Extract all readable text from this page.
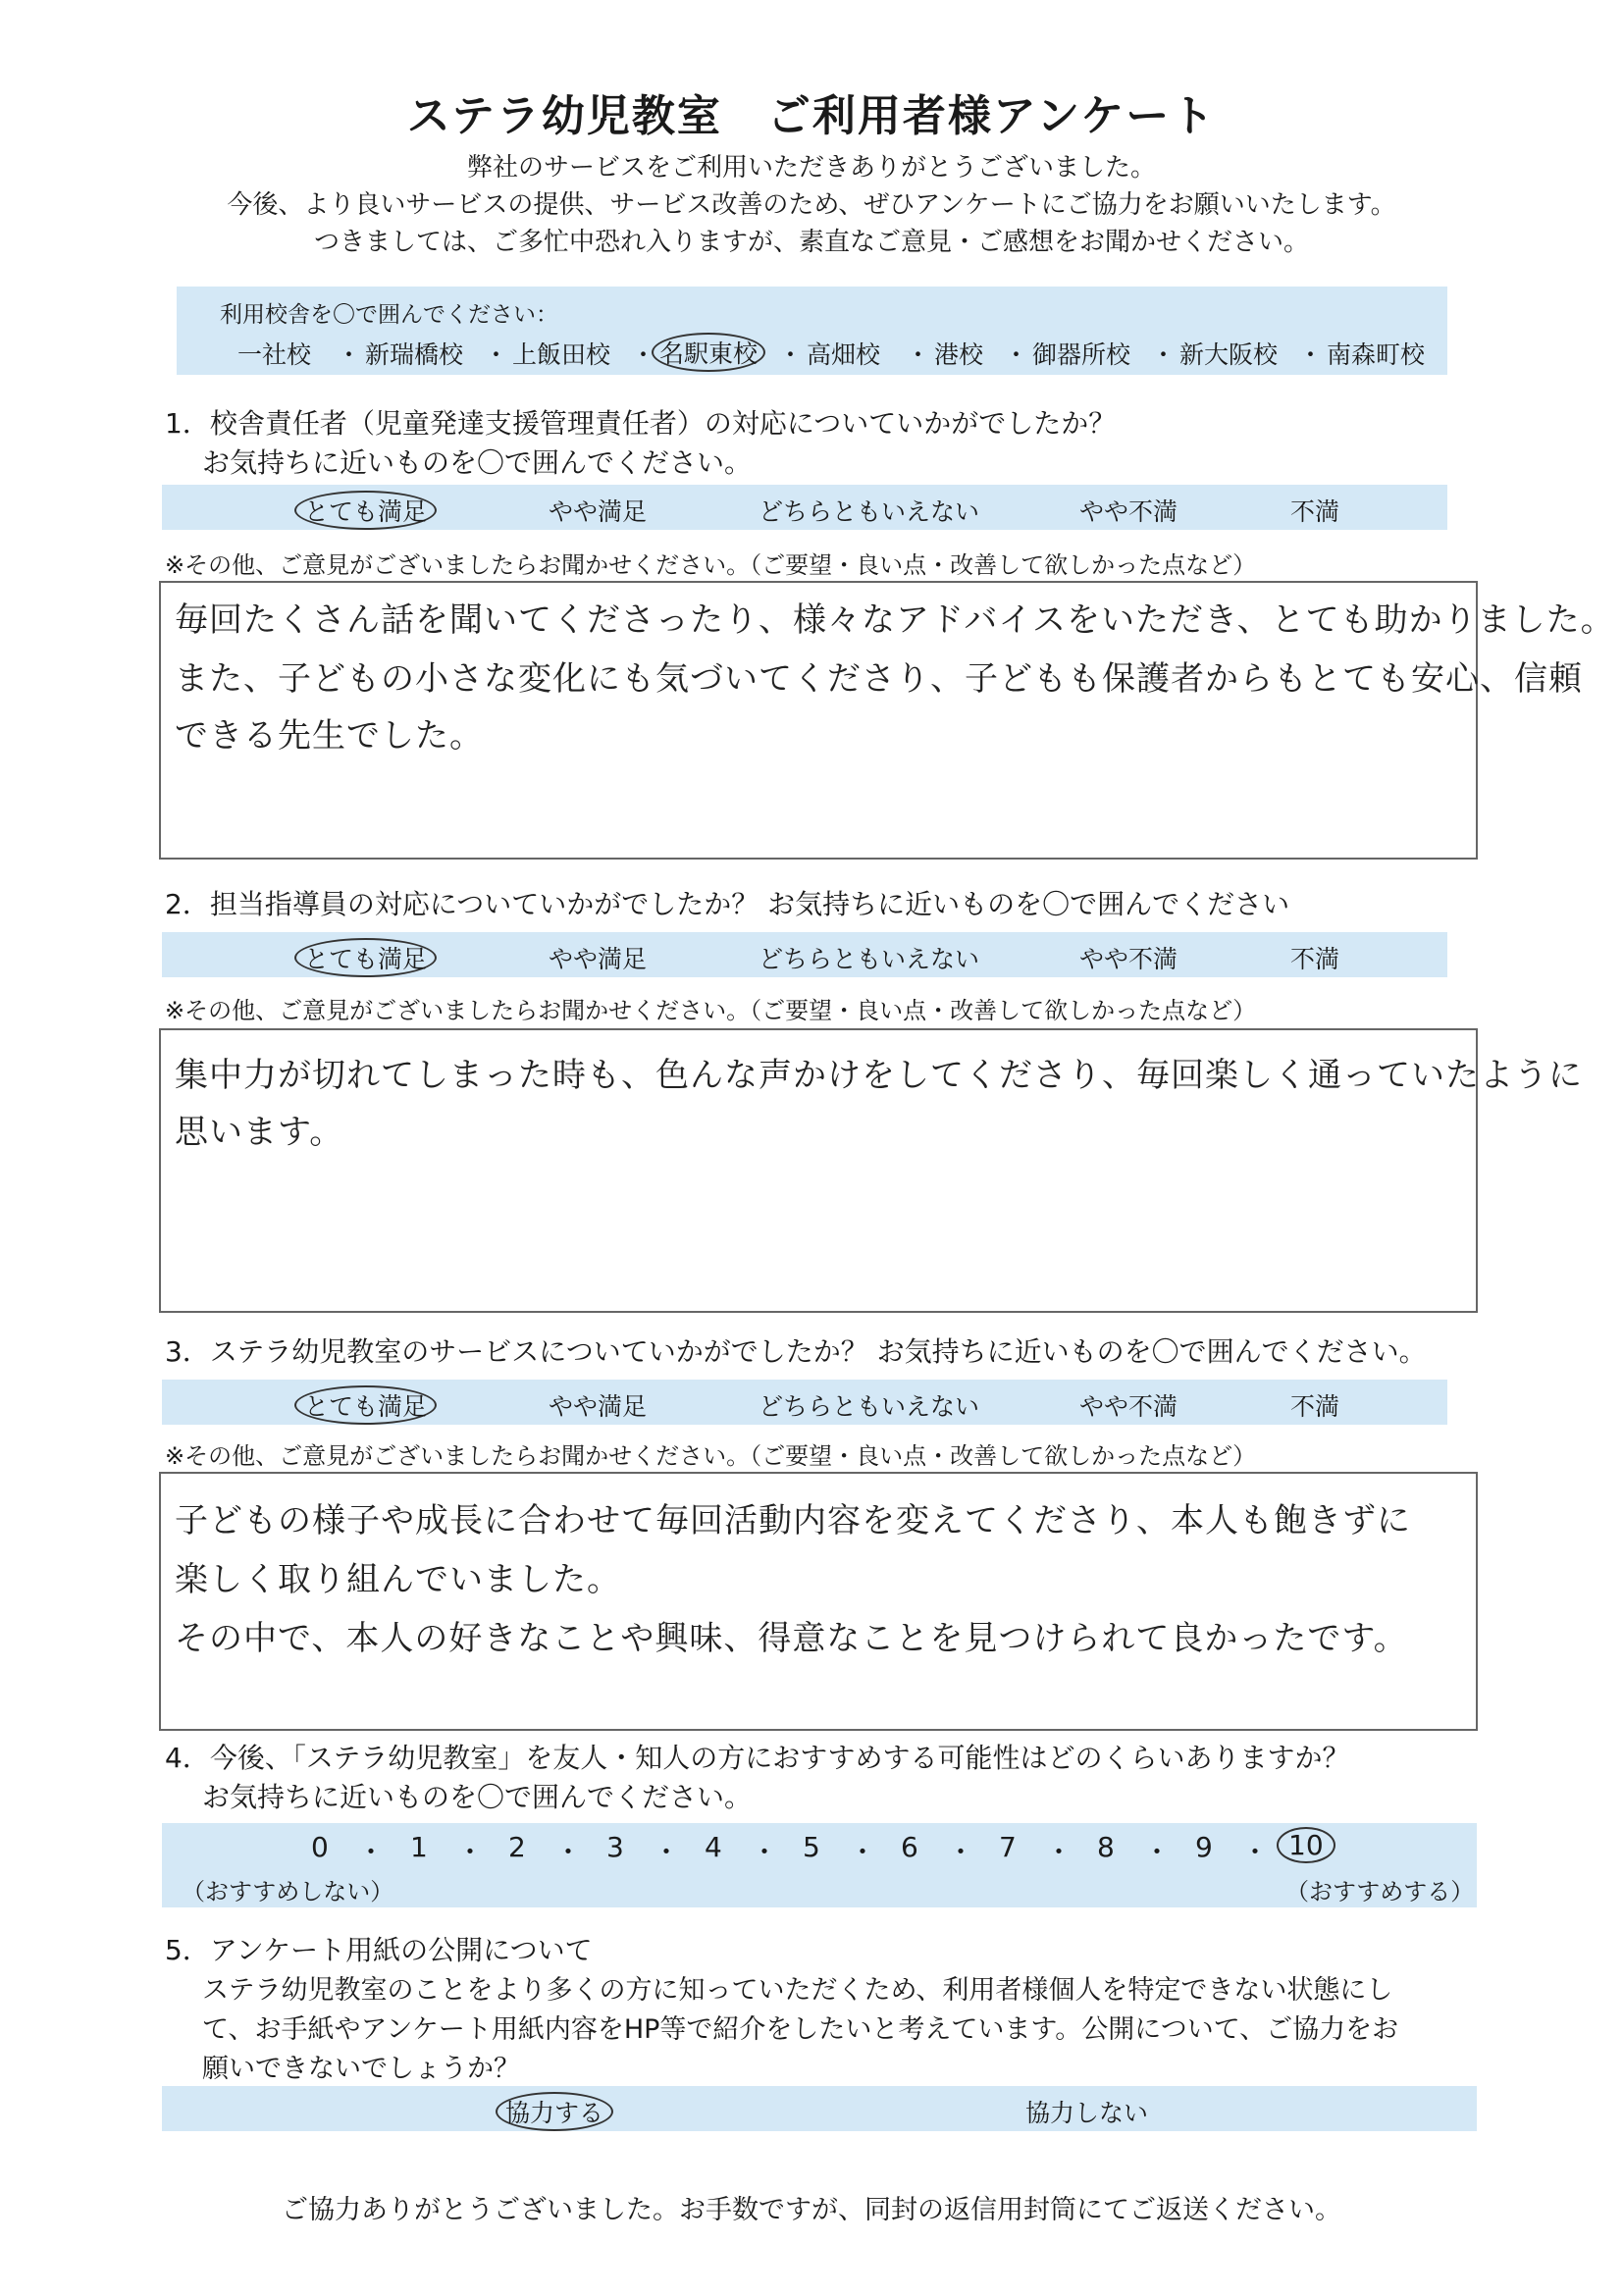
ステラ幼児教室　ご利用者様アンケート
弊社のサービスをご利用いただきありがとうございました。
今後、より良いサービスの提供、サービス改善のため、ぜひアンケートにご協力をお願いいたします。
つきましては、ご多忙中恐れ入りますが、素直なご意見・ご感想をお聞かせください。
利用校舎を〇で囲んでください：
一社校 ・ 新瑞橋校 ・ 上飯田校 ・ 名駅東校 ・ 高畑校 ・ 港校 ・ 御器所校 ・ 新大阪校 ・ 南森町校
1．校舎責任者（児童発達支援管理責任者）の対応についていかがでしたか？
お気持ちに近いものを〇で囲んでください。
とても満足	やや満足	どちらともいえない	やや不満	不満
※その他、ご意見がございましたらお聞かせください。（ご要望・良い点・改善して欲しかった点など）
毎回たくさん話を聞いてくださったり、様々なアドバイスをいただき、とても助かりました。
また、子どもの小さな変化にも気づいてくださり、子どもも保護者からもとても安心、信頼
できる先生でした。
2．担当指導員の対応についていかがでしたか？ お気持ちに近いものを〇で囲んでください
とても満足	やや満足	どちらともいえない	やや不満	不満
※その他、ご意見がございましたらお聞かせください。（ご要望・良い点・改善して欲しかった点など）
集中力が切れてしまった時も、色んな声かけをしてくださり、毎回楽しく通っていたように
思います。
3．ステラ幼児教室のサービスについていかがでしたか？ お気持ちに近いものを〇で囲んでください。
とても満足	やや満足	どちらともいえない	やや不満	不満
※その他、ご意見がございましたらお聞かせください。（ご要望・良い点・改善して欲しかった点など）
子どもの様子や成長に合わせて毎回活動内容を変えてくださり、本人も飽きずに
楽しく取り組んでいました。
その中で、本人の好きなことや興味、得意なことを見つけられて良かったです。
4．今後、「ステラ幼児教室」を友人・知人の方におすすめする可能性はどのくらいありますか？
お気持ちに近いものを〇で囲んでください。
0 ・ 1 ・ 2 ・ 3 ・ 4 ・ 5 ・ 6 ・ 7 ・ 8 ・ 9 ・ 10
（おすすめしない）	（おすすめする）
5．アンケート用紙の公開について
ステラ幼児教室のことをより多くの方に知っていただくため、利用者様個人を特定できない状態にし
て、お手紙やアンケート用紙内容をHP等で紹介をしたいと考えています。公開について、ご協力をお
願いできないでしょうか？
協力する	協力しない
ご協力ありがとうございました。お手数ですが、同封の返信用封筒にてご返送ください。
